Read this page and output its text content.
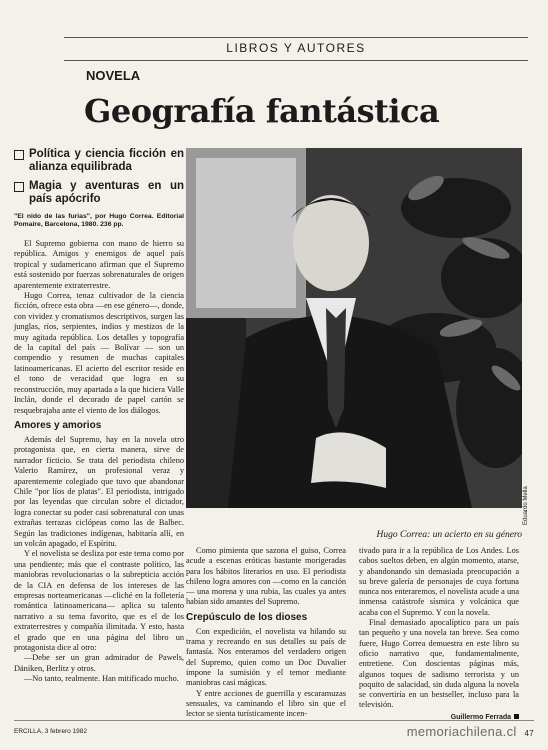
LIBROS Y AUTORES
NOVELA
Geografía fantástica
Política y ciencia ficción en alianza equilibrada
Magia y aventuras en un país apócrifo
"El nido de las furias", por Hugo Correa. Editorial Pomaire, Barcelona, 1980. 236 pp.

El Supremo gobierna con mano de hierro su república. Amigos y enemigos de aquel país tropical y sudamericano afirman que el Supremo está sostenido por fuerzas sobrenaturales de origen aparentemente extraterrestre.

Hugo Correa, tenaz cultivador de la ciencia ficción, ofrece esta obra —en ese género—, donde, con vividez y cromatismos descriptivos, surgen las junglas, ríos, serpientes, indios y mestizos de la muy agitada república. Los detalles y topografía de la capital del país — Bolívar — son un compendio y resumen de muchas capitales latinoamericanas. El acierto del escritor reside en el tono de veracidad que logra en su reconstrucción, muy apartada a la que hiciera Valle Inclán, donde el decorado de papel cartón se resquebrajaba ante el viento de los diálogos.

Amores y amorios

Además del Supremo, hay en la novela otro protagonista que, en cierta manera, sirve de narrador ficticio. Se trata del periodista chileno Valerio Ramírez, un profesional veraz y aparentemente colegiado que tuvo que abandonar Chile "por líos de platas". El periodista, intrigado por las leyendas que circulan sobre el dictador, logra conectar su poder casi sobrenatural con unas extrañas terrazas ciclópeas como las de Balbec. Según las tradiciones indígenas, habitaría allí, en un volcán apagado, el Espíritu.

Y el novelista se desliza por este tema como por una pendiente; más que el contraste político, las maniobras revolucionarias o la subrepticia acción de la CIA en defensa de los intereses de las empresas norteamericanas —cliché en la folletería romántica latinoamericana— aplica su talento narrativo a su tema favorito, que es el de los extraterrestres y compañía ilimitada. Y esto, hasta el grado que en una página del libro un protagonista dice al otro:

—Debe ser un gran admirador de Pawels, Däniken, Berlitz y otros.

—No tanto, realmente. Han mitificado mucho.

Eduardo Mella
Hugo Correa: un acierto en su género

Como pimienta que sazona el guiso, Correa acude a escenas eróticas bastante morigeradas para los hábitos literarios en uso. El periodista chileno logra amores con —como en la canción— una morena y una rubia, las cuales ya antes habían sido amantes del Supremo.

Crepúsculo de los dioses

Con expedición, el novelista va hilando su trama y recreando en sus detalles su país de fantasía. Nos enteramos del verdadero origen del Supremo, quien como un Doc Duvalier impone la sumisión y el temor mediante maniobras casi mágicas.

Y entre acciones de guerrilla y escaramuzas sensuales, va caminando el libro sin que el lector se sienta turísticamente incen-

tivado para ir a la república de Los Andes. Los cabos sueltos deben, en algún momento, atarse, y abandonando sin demasiada preocupación a su breve galería de personajes de cuya fortuna nunca nos enteraremos, el novelista acude a una inmensa catástrofe sísmica y volcánica que acaba con el Supremo. Y con la novela.

Final demasiado apocalíptico para un país tan pequeño y una novela tan breve. Sea como fuere, Hugo Correa demuestra en este libro su oficio narrativo que, fundamentalmente, entretiene. Con doscientas páginas más, algunos toques de sadismo terrorista y un poquito de salacidad, sin duda alguna la novela se convertiría en un bestseller, incluso para la televisión.

Guillermo Ferrada
ERCILLA, 3 febrero 1982	memoriachilena.cl 47
